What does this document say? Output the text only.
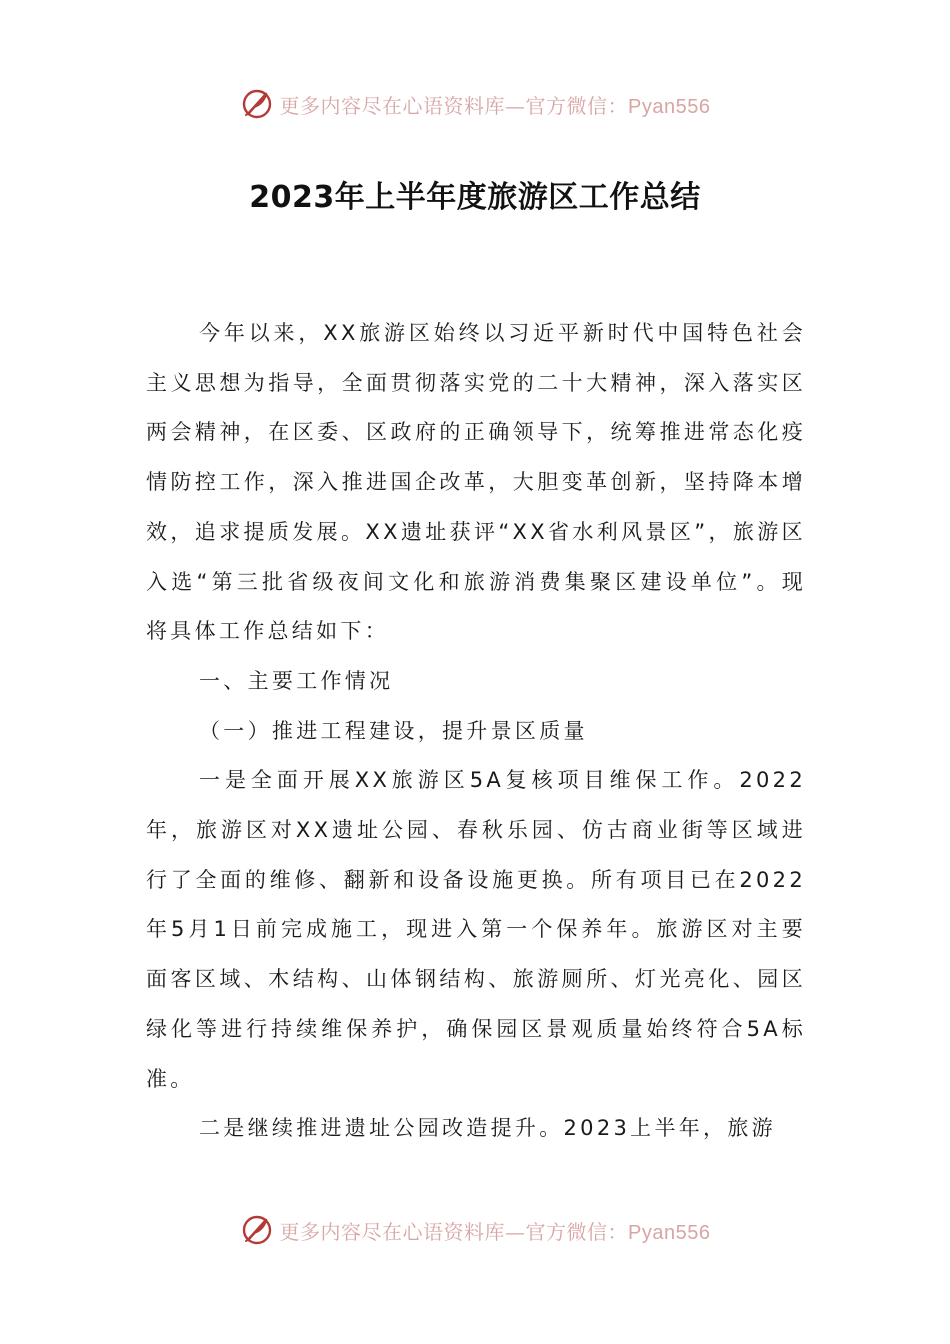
更多内容尽在心语资料库—官方微信：Pyan556
2023年上半年度旅游区工作总结

今年以来，XX旅游区始终以习近平新时代中国特色社会主义思想为指导，全面贯彻落实党的二十大精神，深入落实区两会精神，在区委、区政府的正确领导下，统筹推进常态化疫情防控工作，深入推进国企改革，大胆变革创新，坚持降本增效，追求提质发展。XX遗址获评“XX省水利风景区”，旅游区入选“第三批省级夜间文化和旅游消费集聚区建设单位”。现将具体工作总结如下：

一、主要工作情况

（一）推进工程建设，提升景区质量

一是全面开展XX旅游区5A复核项目维保工作。2022年，旅游区对XX遗址公园、春秋乐园、仿古商业街等区域进行了全面的维修、翻新和设备设施更换。所有项目已在2022年5月1日前完成施工，现进入第一个保养年。旅游区对主要面客区域、木结构、山体钢结构、旅游厕所、灯光亮化、园区绿化等进行持续维保养护，确保园区景观质量始终符合5A标准。

二是继续推进遗址公园改造提升。2023上半年，旅游

更多内容尽在心语资料库—官方微信：Pyan556
